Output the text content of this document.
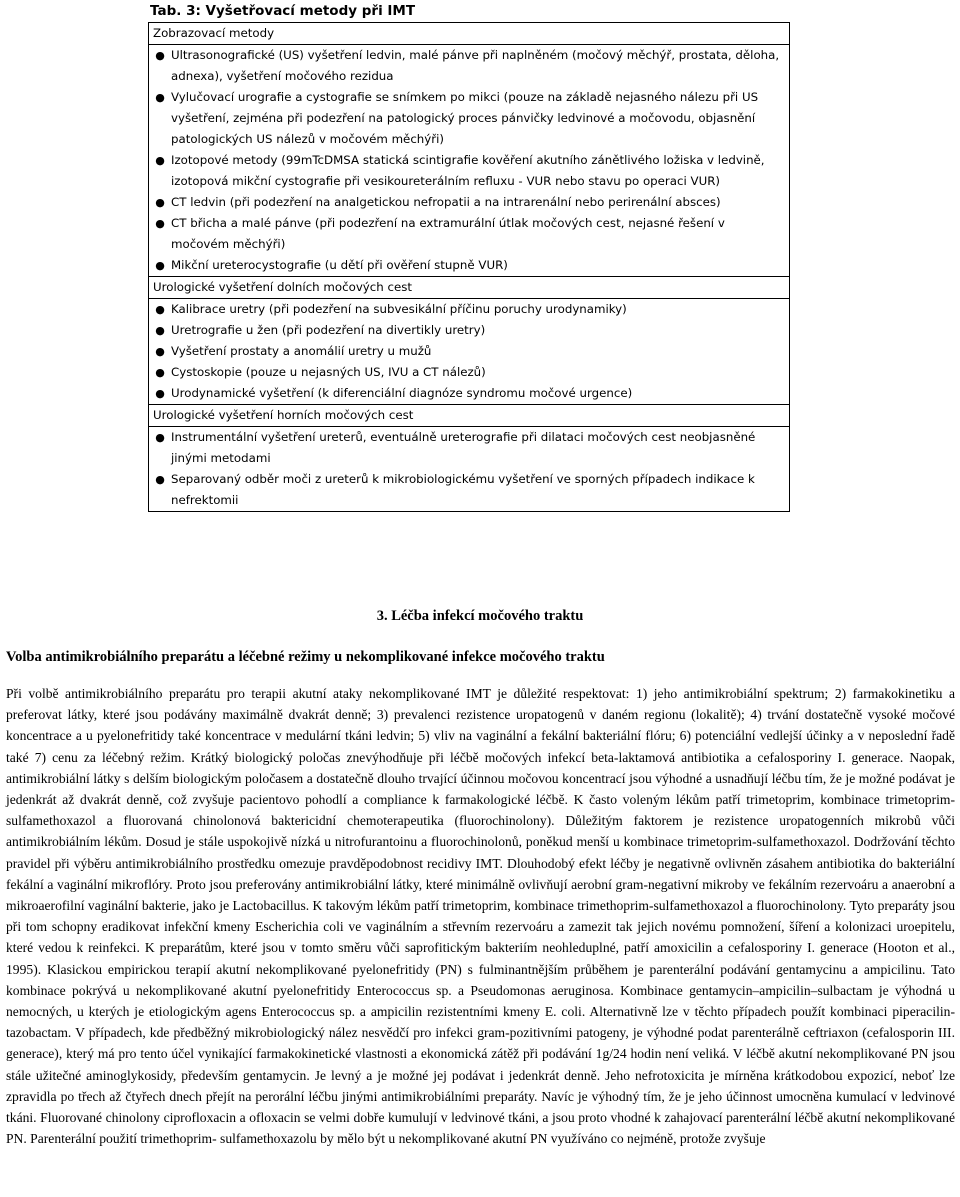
Tab. 3: Vyšetřovací metody při IMT
Zobrazovací metody
● Ultrasonografické (US) vyšetření ledvin, malé pánve při naplněném (močový měchýř, prostata, děloha, adnexa), vyšetření močového rezidua
● Vylučovací urografie a cystografie se snímkem po mikci (pouze na základě nejasného nálezu při US vyšetření, zejména při podezření na patologický proces pánvičky ledvinové a močovodu, objasnění patologických US nálezů v močovém měchýři)
● Izotopové metody (99mTcDMSA statická scintigrafie kověření akutního zánětlivého ložiska v ledvině, izotopová mikční cystografie při vesikoureterálním refluxu - VUR nebo stavu po operaci VUR)
● CT ledvin (při podezření na analgetickou nefropatii a na intrarenální nebo perirenální absces)
● CT břicha a malé pánve (při podezření na extramurální útlak močových cest, nejasné řešení v močovém měchýři)
● Mikční ureterocystografie (u dětí při ověření stupně VUR)
Urologické vyšetření dolních močových cest
● Kalibrace uretry (při podezření na subvesikální příčinu poruchy urodynamiky)
● Uretrografie u žen (při podezření na divertikly uretry)
● Vyšetření prostaty a anomálií uretry u mužů
● Cystoskopie (pouze u nejasných US, IVU a CT nálezů)
● Urodynamické vyšetření (k diferenciální diagnóze syndromu močové urgence)
Urologické vyšetření horních močových cest
● Instrumentální vyšetření ureterů, eventuálně ureterografie při dilataci močových cest neobjasněné jinými metodami
● Separovaný odběr moči z ureterů k mikrobiologickému vyšetření ve sporných případech indikace k nefrektomii
3. Léčba infekcí močového traktu
Volba antimikrobiálního preparátu a léčebné režimy u nekomplikované infekce močového traktu

Při volbě antimikrobiálního preparátu pro terapii akutní ataky nekomplikované IMT je důležité respektovat: 1) jeho antimikrobiální spektrum; 2) farmakokinetiku a preferovat látky, které jsou podávány maximálně dvakrát denně; 3) prevalenci rezistence uropatogenů v daném regionu (lokalitě); 4) trvání dostatečně vysoké močové koncentrace a u pyelonefritidy také koncentrace v medulární tkáni ledvin; 5) vliv na vaginální a fekální bakteriální flóru; 6) potenciální vedlejší účinky a v neposlední řadě také 7) cenu za léčebný režim. Krátký biologický poločas znevýhodňuje při léčbě močových infekcí beta-laktamová antibiotika a cefalosporiny I. generace. Naopak, antimikrobiální látky s delším biologickým poločasem a dostatečně dlouho trvající účinnou močovou koncentrací jsou výhodné a usnadňují léčbu tím, že je možné podávat je jedenkrát až dvakrát denně, což zvyšuje pacientovo pohodlí a compliance k farmakologické léčbě. K často voleným lékům patří trimetoprim, kombinace trimetoprim-sulfamethoxazol a fluorovaná chinolonová baktericidní chemoterapeutika (fluorochinolony). Důležitým faktorem je rezistence uropatogenních mikrobů vůči antimikrobiálním lékům. Dosud je stále uspokojivě nízká u nitrofurantoinu a fluorochinolonů, poněkud menší u kombinace trimetoprim-sulfamethoxazol. Dodržování těchto pravidel při výběru antimikrobiálního prostředku omezuje pravděpodobnost recidivy IMT. Dlouhodobý efekt léčby je negativně ovlivněn zásahem antibiotika do bakteriální fekální a vaginální mikroflóry. Proto jsou preferovány antimikrobiální látky, které minimálně ovlivňují aerobní gram-negativní mikroby ve fekálním rezervoáru a anaerobní a mikroaerofilní vaginální bakterie, jako je Lactobacillus. K takovým lékům patří trimetoprim, kombinace trimethoprim-sulfamethoxazol a fluorochinolony. Tyto preparáty jsou při tom schopny eradikovat infekční kmeny Escherichia coli ve vaginálním a střevním rezervoáru a zamezit tak jejich novému pomnožení, šíření a kolonizaci uroepitelu, které vedou k reinfekci. K preparátům, které jsou v tomto směru vůči saprofitickým bakteriím neohleduplné, patří amoxicilin a cefalosporiny I. generace (Hooton et al., 1995). Klasickou empirickou terapií akutní nekomplikované pyelonefritidy (PN) s fulminantnějším průběhem je parenterální podávání gentamycinu a ampicilinu. Tato kombinace pokrývá u nekomplikované akutní pyelonefritidy Enterococcus sp. a Pseudomonas aeruginosa. Kombinace gentamycin–ampicilin–sulbactam je výhodná u nemocných, u kterých je etiologickým agens Enterococcus sp. a ampicilin rezistentními kmeny E. coli. Alternativně lze v těchto případech použít kombinaci piperacilin-tazobactam. V případech, kde předběžný mikrobiologický nález nesvědčí pro infekci gram-pozitivními patogeny, je výhodné podat parenterálně ceftriaxon (cefalosporin III. generace), který má pro tento účel vynikající farmakokinetické vlastnosti a ekonomická zátěž při podávání 1g/24 hodin není veliká. V léčbě akutní nekomplikované PN jsou stále užitečné aminoglykosidy, především gentamycin. Je levný a je možné jej podávat i jedenkrát denně. Jeho nefrotoxicita je mírněna krátkodobou expozicí, neboť lze zpravidla po třech až čtyřech dnech přejít na perorální léčbu jinými antimikrobiálními preparáty. Navíc je výhodný tím, že je jeho účinnost umocněna kumulací v ledvinové tkáni. Fluorované chinolony ciprofloxacin a ofloxacin se velmi dobře kumulují v ledvinové tkáni, a jsou proto vhodné k zahajovací parenterální léčbě akutní nekomplikované PN. Parenterální použití trimethoprim- sulfamethoxazolu by mělo být u nekomplikované akutní PN využíváno co nejméně, protože zvyšuje
